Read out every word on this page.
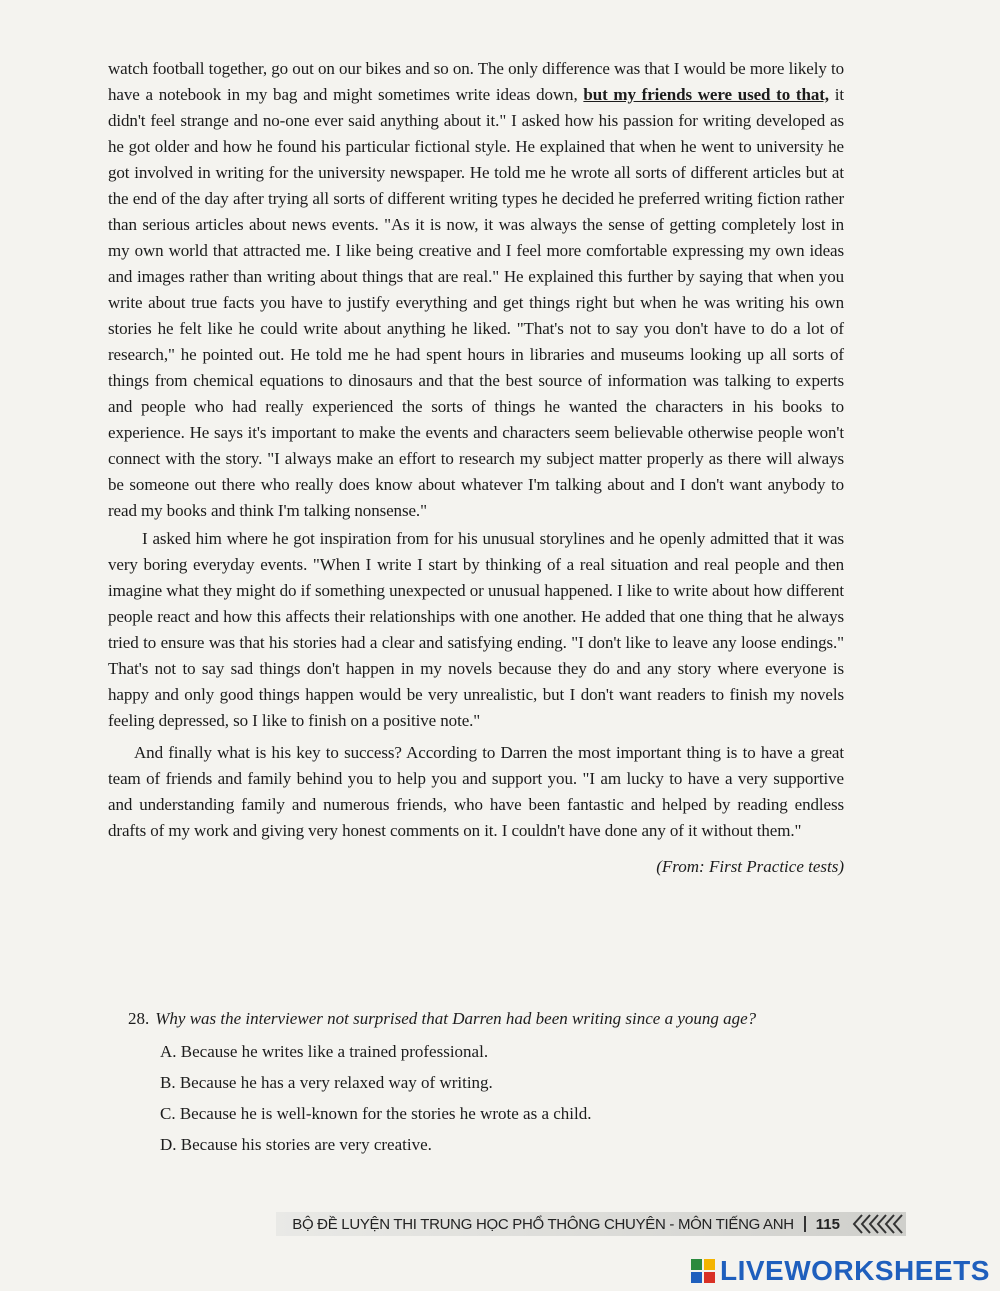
watch football together, go out on our bikes and so on. The only difference was that I would be more likely to have a notebook in my bag and might sometimes write ideas down, but my friends were used to that, it didn't feel strange and no-one ever said anything about it." I asked how his passion for writing developed as he got older and how he found his particular fictional style. He explained that when he went to university he got involved in writing for the university newspaper. He told me he wrote all sorts of different articles but at the end of the day after trying all sorts of different writing types he decided he preferred writing fiction rather than serious articles about news events. "As it is now, it was always the sense of getting completely lost in my own world that attracted me. I like being creative and I feel more comfortable expressing my own ideas and images rather than writing about things that are real." He explained this further by saying that when you write about true facts you have to justify everything and get things right but when he was writing his own stories he felt like he could write about anything he liked. "That's not to say you don't have to do a lot of research," he pointed out. He told me he had spent hours in libraries and museums looking up all sorts of things from chemical equations to dinosaurs and that the best source of information was talking to experts and people who had really experienced the sorts of things he wanted the characters in his books to experience. He says it's important to make the events and characters seem believable otherwise people won't connect with the story. "I always make an effort to research my subject matter properly as there will always be someone out there who really does know about whatever I'm talking about and I don't want anybody to read my books and think I'm talking nonsense."

I asked him where he got inspiration from for his unusual storylines and he openly admitted that it was very boring everyday events. "When I write I start by thinking of a real situation and real people and then imagine what they might do if something unexpected or unusual happened. I like to write about how different people react and how this affects their relationships with one another. He added that one thing that he always tried to ensure was that his stories had a clear and satisfying ending. "I don't like to leave any loose endings." That's not to say sad things don't happen in my novels because they do and any story where everyone is happy and only good things happen would be very unrealistic, but I don't want readers to finish my novels feeling depressed, so I like to finish on a positive note."

And finally what is his key to success? According to Darren the most important thing is to have a great team of friends and family behind you to help you and support you. "I am lucky to have a very supportive and understanding family and numerous friends, who have been fantastic and helped by reading endless drafts of my work and giving very honest comments on it. I couldn't have done any of it without them."

(From: First Practice tests)
28. Why was the interviewer not surprised that Darren had been writing since a young age?
A. Because he writes like a trained professional.
B. Because he has a very relaxed way of writing.
C. Because he is well-known for the stories he wrote as a child.
D. Because his stories are very creative.
BỘ ĐỀ LUYỆN THI TRUNG HỌC PHỔ THÔNG CHUYÊN - MÔN TIẾNG ANH 115
LIVEWORKSHEETS
